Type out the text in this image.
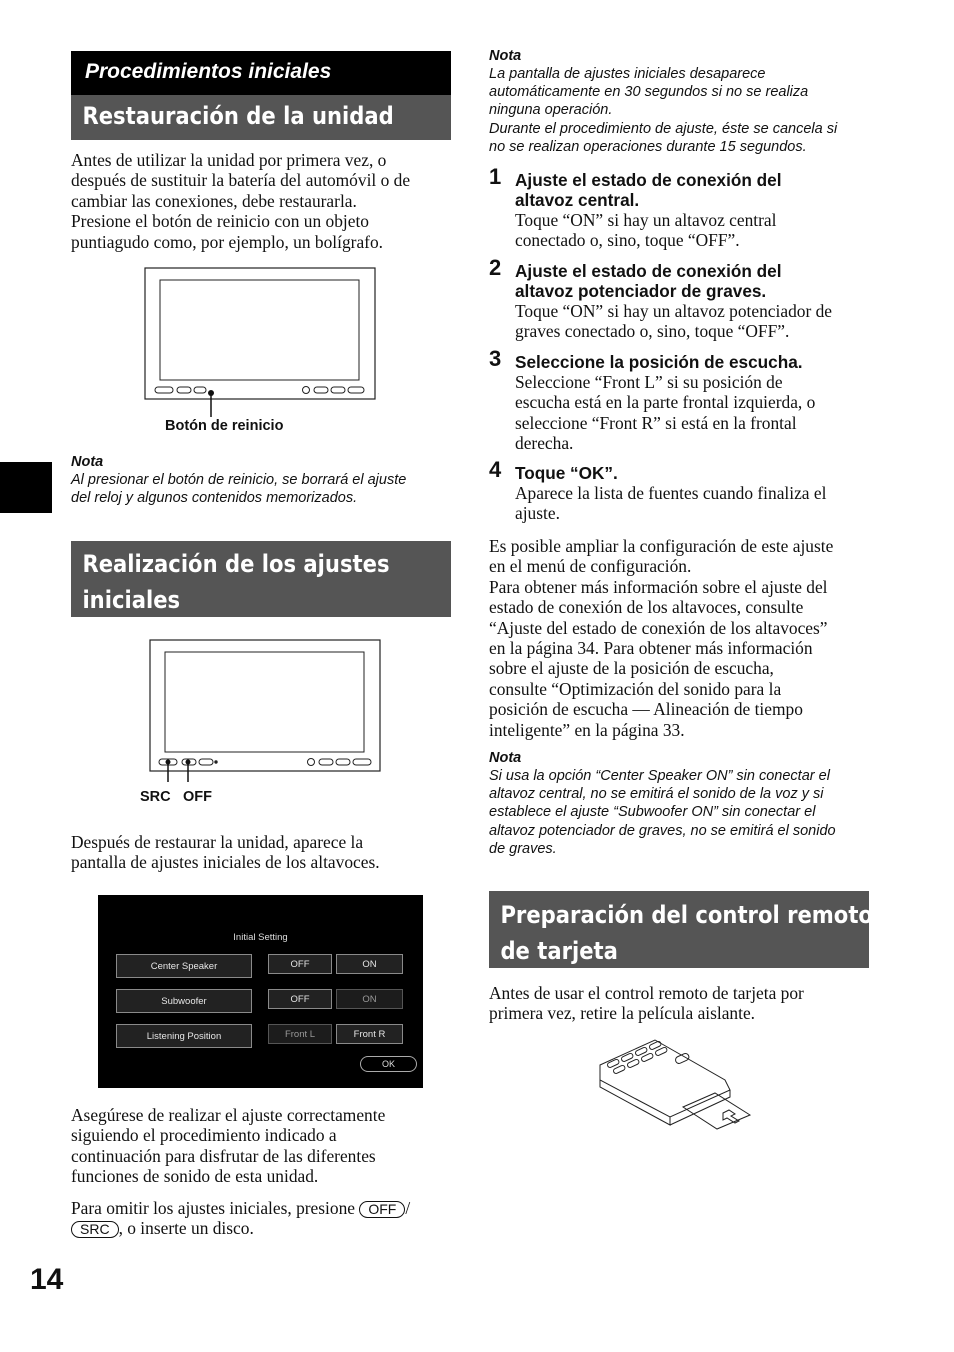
Procedimientos iniciales
Restauración de la unidad

Antes de utilizar la unidad por primera vez, o

después de sustituir la batería del automóvil o de

cambiar las conexiones, debe restaurarla.

Presione el botón de reinicio con un objeto

puntiagudo como, por ejemplo, un bolígrafo.

Botón de reinicio
Nota
Al presionar el botón de reinicio, se borrará el ajuste
del reloj y algunos contenidos memorizados.
Realización de los ajustes
iniciales
SRC OFF

Después de restaurar la unidad, aparece la

pantalla de ajustes iniciales de los altavoces.

Initial Setting
Center Speaker	OFF	ON
Subwoofer	OFF	ON
Listening Position	Front L	Front R
OK

Asegúrese de realizar el ajuste correctamente

siguiendo el procedimiento indicado a

continuación para disfrutar de las diferentes

funciones de sonido de esta unidad.

Para omitir los ajustes iniciales, presione OFF /
SRC , o inserte un disco.
14
Nota
La pantalla de ajustes iniciales desaparece
automáticamente en 30 segundos si no se realiza
ninguna operación.
Durante el procedimiento de ajuste, éste se cancela si
no se realizan operaciones durante 15 segundos.
1 Ajuste el estado de conexión del

altavoz central.

Toque “ON” si hay un altavoz central

conectado o, sino, toque “OFF”.

2 Ajuste el estado de conexión del

altavoz potenciador de graves.

Toque “ON” si hay un altavoz potenciador de

graves conectado o, sino, toque “OFF”.

3 Seleccione la posición de escucha.

Seleccione “Front L” si su posición de

escucha está en la parte frontal izquierda, o

seleccione “Front R” si está en la frontal

derecha.

4 Toque “OK”.

Aparece la lista de fuentes cuando finaliza el

ajuste.

Es posible ampliar la configuración de este ajuste

en el menú de configuración.

Para obtener más información sobre el ajuste del

estado de conexión de los altavoces, consulte

“Ajuste del estado de conexión de los altavoces”

en la página 34. Para obtener más información

sobre el ajuste de la posición de escucha,

consulte “Optimización del sonido para la

posición de escucha — Alineación de tiempo

inteligente” en la página 33.

Nota
Si usa la opción “Center Speaker ON” sin conectar el
altavoz central, no se emitirá el sonido de la voz y si
establece el ajuste “Subwoofer ON” sin conectar el
altavoz potenciador de graves, no se emitirá el sonido
de graves.
Preparación del control remoto
de tarjeta

Antes de usar el control remoto de tarjeta por

primera vez, retire la película aislante.
